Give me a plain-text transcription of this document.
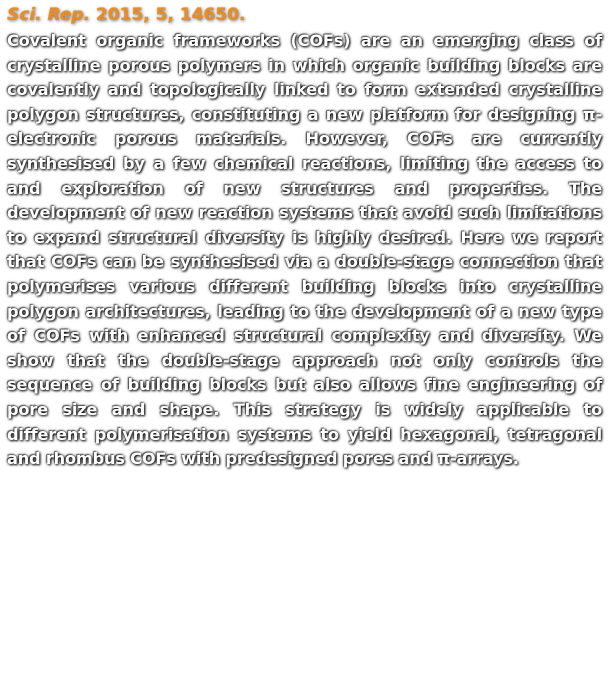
Sci. Rep. 2015, 5, 14650.

Covalent organic frameworks (COFs) are an emerging class of crystalline porous polymers in which organic building blocks are covalently and topologically linked to form extended crystalline polygon structures, constituting a new platform for designing π-electronic porous materials. However, COFs are currently synthesised by a few chemical reactions, limiting the access to and exploration of new structures and properties. The development of new reaction systems that avoid such limitations to expand structural diversity is highly desired. Here we report that COFs can be synthesised via a double-stage connection that polymerises various different building blocks into crystalline polygon architectures, leading to the development of a new type of COFs with enhanced structural complexity and diversity. We show that the double-stage approach not only controls the sequence of building blocks but also allows fine engineering of pore size and shape. This strategy is widely applicable to different polymerisation systems to yield hexagonal, tetragonal and rhombus COFs with predesigned pores and π-arrays.
